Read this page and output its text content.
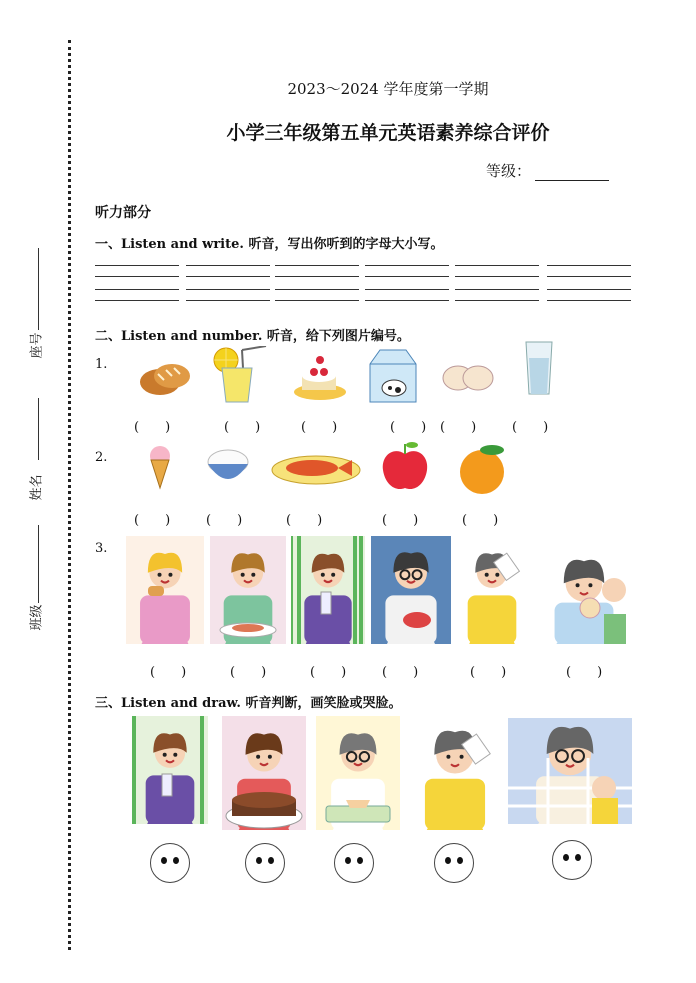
座号
姓名
班级
2023～2024 学年度第一学期
小学三年级第五单元英语素养综合评价
等级：
听力部分
一、Listen and write. 听音，写出你听到的字母大小写。
二、Listen and number. 听音，给下列图片编号。
1.
2.
3.
(　　)	(　　)	(　　)	(　　) (　　)	(　　)
(　　)	(　　)	(　　)	(　　)	(　　)
(　　)	(　　)	(　　)	(　　)	(　　)	(　　)
三、Listen and draw. 听音判断，画笑脸或哭脸。
